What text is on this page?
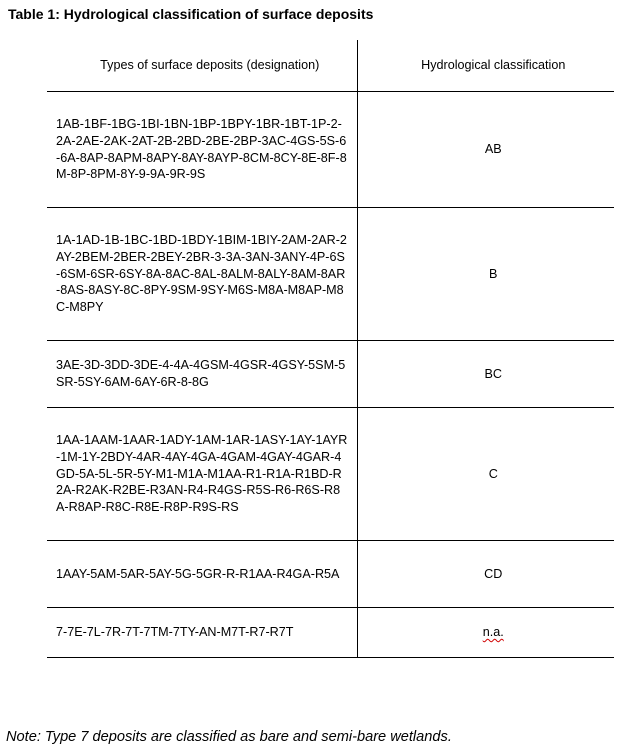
Table 1: Hydrological classification of surface deposits
Types of surface deposits (designation)	Hydrological classification

1AB-1BF-1BG-1BI-1BN-1BP-1BPY-1BR-1BT-1P-2-2A-2AE-2AK-2AT-2B-2BD-2BE-2BP-3AC-4GS-5S-6-6A-8AP-8APM-8APY-8AY-8AYP-8CM-8CY-8E-8F-8M-8P-8PM-8Y-9-9A-9R-9S	AB

1A-1AD-1B-1BC-1BD-1BDY-1BIM-1BIY-2AM-2AR-2AY-2BEM-2BER-2BEY-2BR-3-3A-3AN-3ANY-4P-6S-6SM-6SR-6SY-8A-8AC-8AL-8ALM-8ALY-8AM-8AR-8AS-8ASY-8C-8PY-9SM-9SY-M6S-M8A-M8AP-M8C-M8PY	B

3AE-3D-3DD-3DE-4-4A-4GSM-4GSR-4GSY-5SM-5SR-5SY-6AM-6AY-6R-8-8G	BC

1AA-1AAM-1AAR-1ADY-1AM-1AR-1ASY-1AY-1AYR-1M-1Y-2BDY-4AR-4AY-4GA-4GAM-4GAY-4GAR-4GD-5A-5L-5R-5Y-M1-M1A-M1AA-R1-R1A-R1BD-R2A-R2AK-R2BE-R3AN-R4-R4GS-R5S-R6-R6S-R8A-R8AP-R8C-R8E-R8P-R9S-RS	C

1AAY-5AM-5AR-5AY-5G-5GR-R-R1AA-R4GA-R5A	CD

7-7E-7L-7R-7T-7TM-7TY-AN-M7T-R7-R7T	n.a.
Note: Type 7 deposits are classified as bare and semi-bare wetlands.
